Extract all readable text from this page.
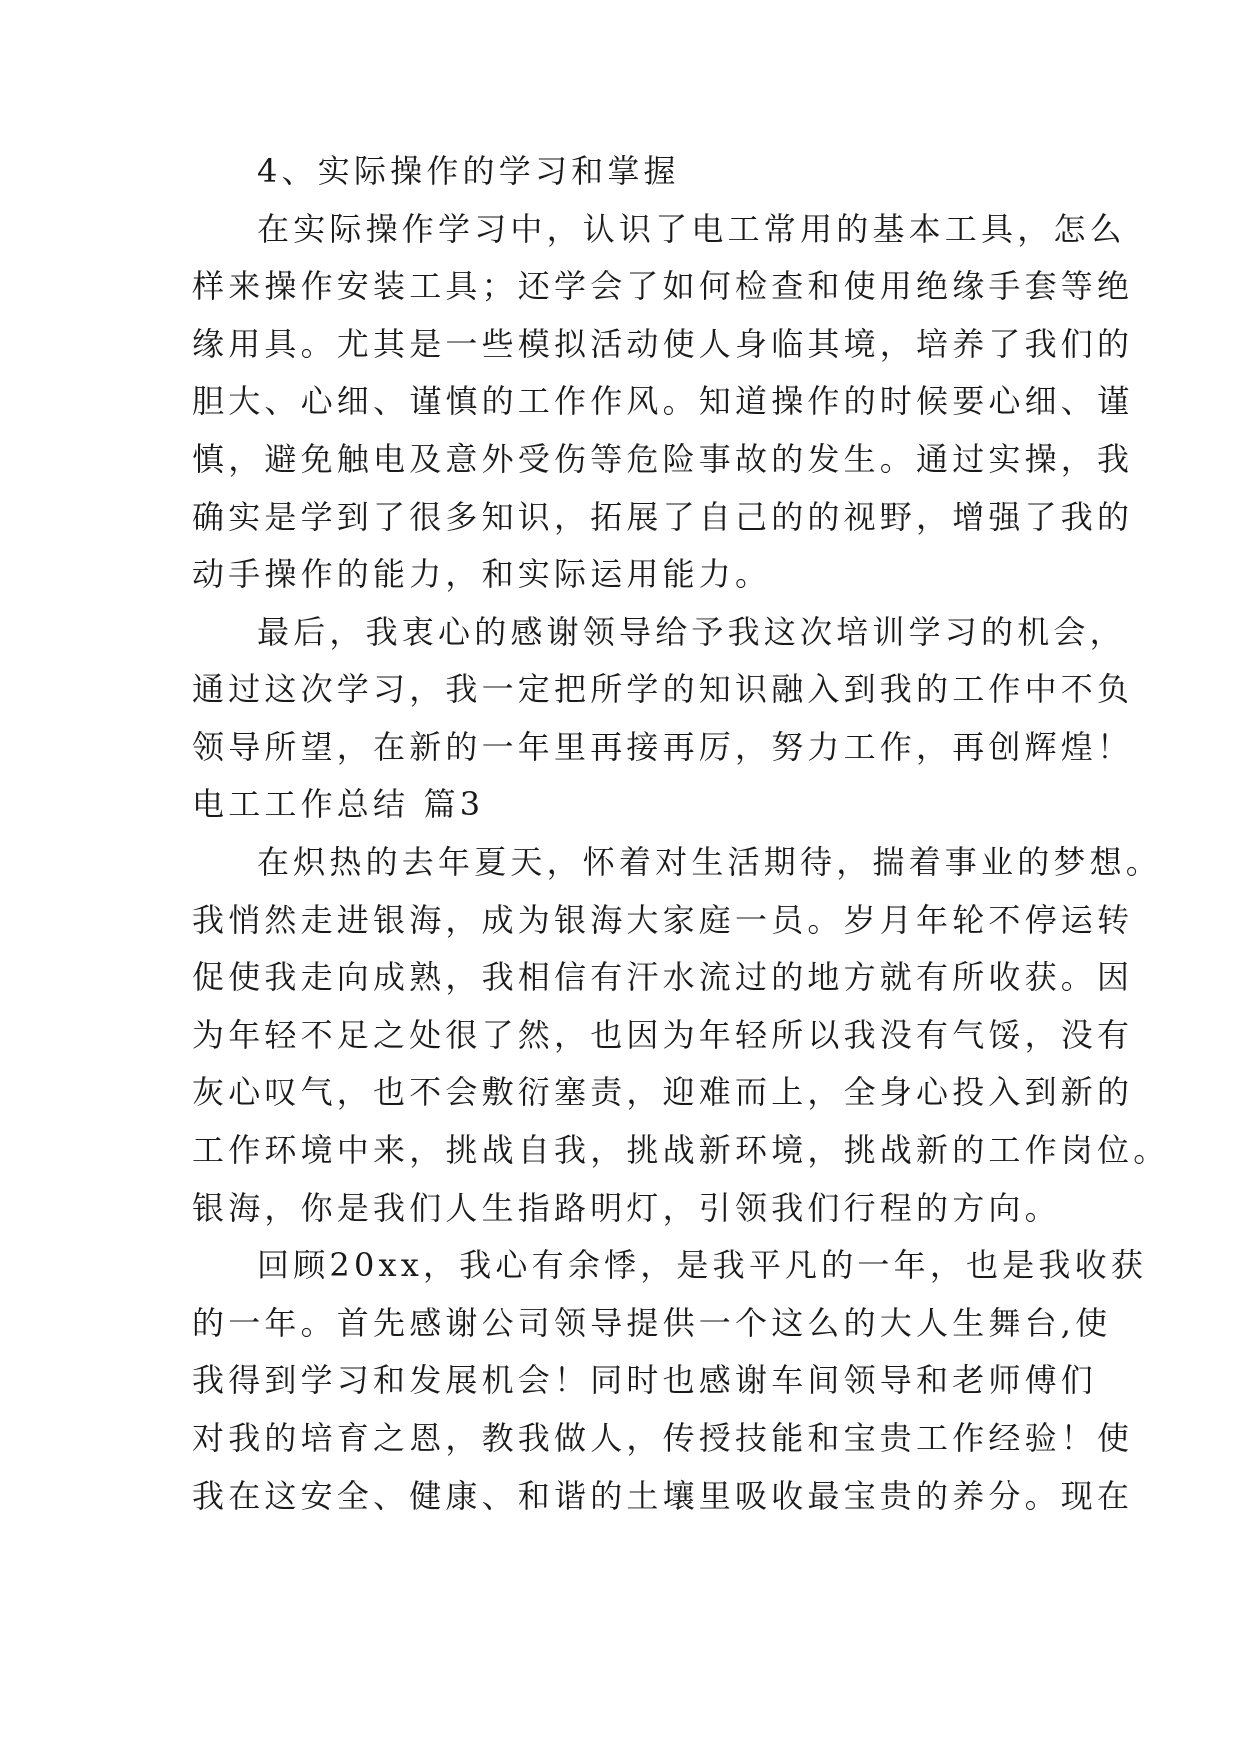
4、实际操作的学习和掌握
在实际操作学习中，认识了电工常用的基本工具，怎么
样来操作安装工具；还学会了如何检查和使用绝缘手套等绝
缘用具。尤其是一些模拟活动使人身临其境，培养了我们的
胆大、心细、谨慎的工作作风。知道操作的时候要心细、谨
慎，避免触电及意外受伤等危险事故的发生。通过实操，我
确实是学到了很多知识，拓展了自己的的视野，增强了我的
动手操作的能力，和实际运用能力。
最后，我衷心的感谢领导给予我这次培训学习的机会，
通过这次学习，我一定把所学的知识融入到我的工作中不负
领导所望，在新的一年里再接再厉，努力工作，再创辉煌！
电工工作总结 篇3
在炽热的去年夏天，怀着对生活期待，揣着事业的梦想。
我悄然走进银海，成为银海大家庭一员。岁月年轮不停运转
促使我走向成熟，我相信有汗水流过的地方就有所收获。因
为年轻不足之处很了然，也因为年轻所以我没有气馁，没有
灰心叹气，也不会敷衍塞责，迎难而上，全身心投入到新的
工作环境中来，挑战自我，挑战新环境，挑战新的工作岗位。
银海，你是我们人生指路明灯，引领我们行程的方向。
回顾20xx，我心有余悸，是我平凡的一年，也是我收获
的一年。首先感谢公司领导提供一个这么的大人生舞台,使
我得到学习和发展机会！同时也感谢车间领导和老师傅们
对我的培育之恩，教我做人，传授技能和宝贵工作经验！使
我在这安全、健康、和谐的土壤里吸收最宝贵的养分。现在
